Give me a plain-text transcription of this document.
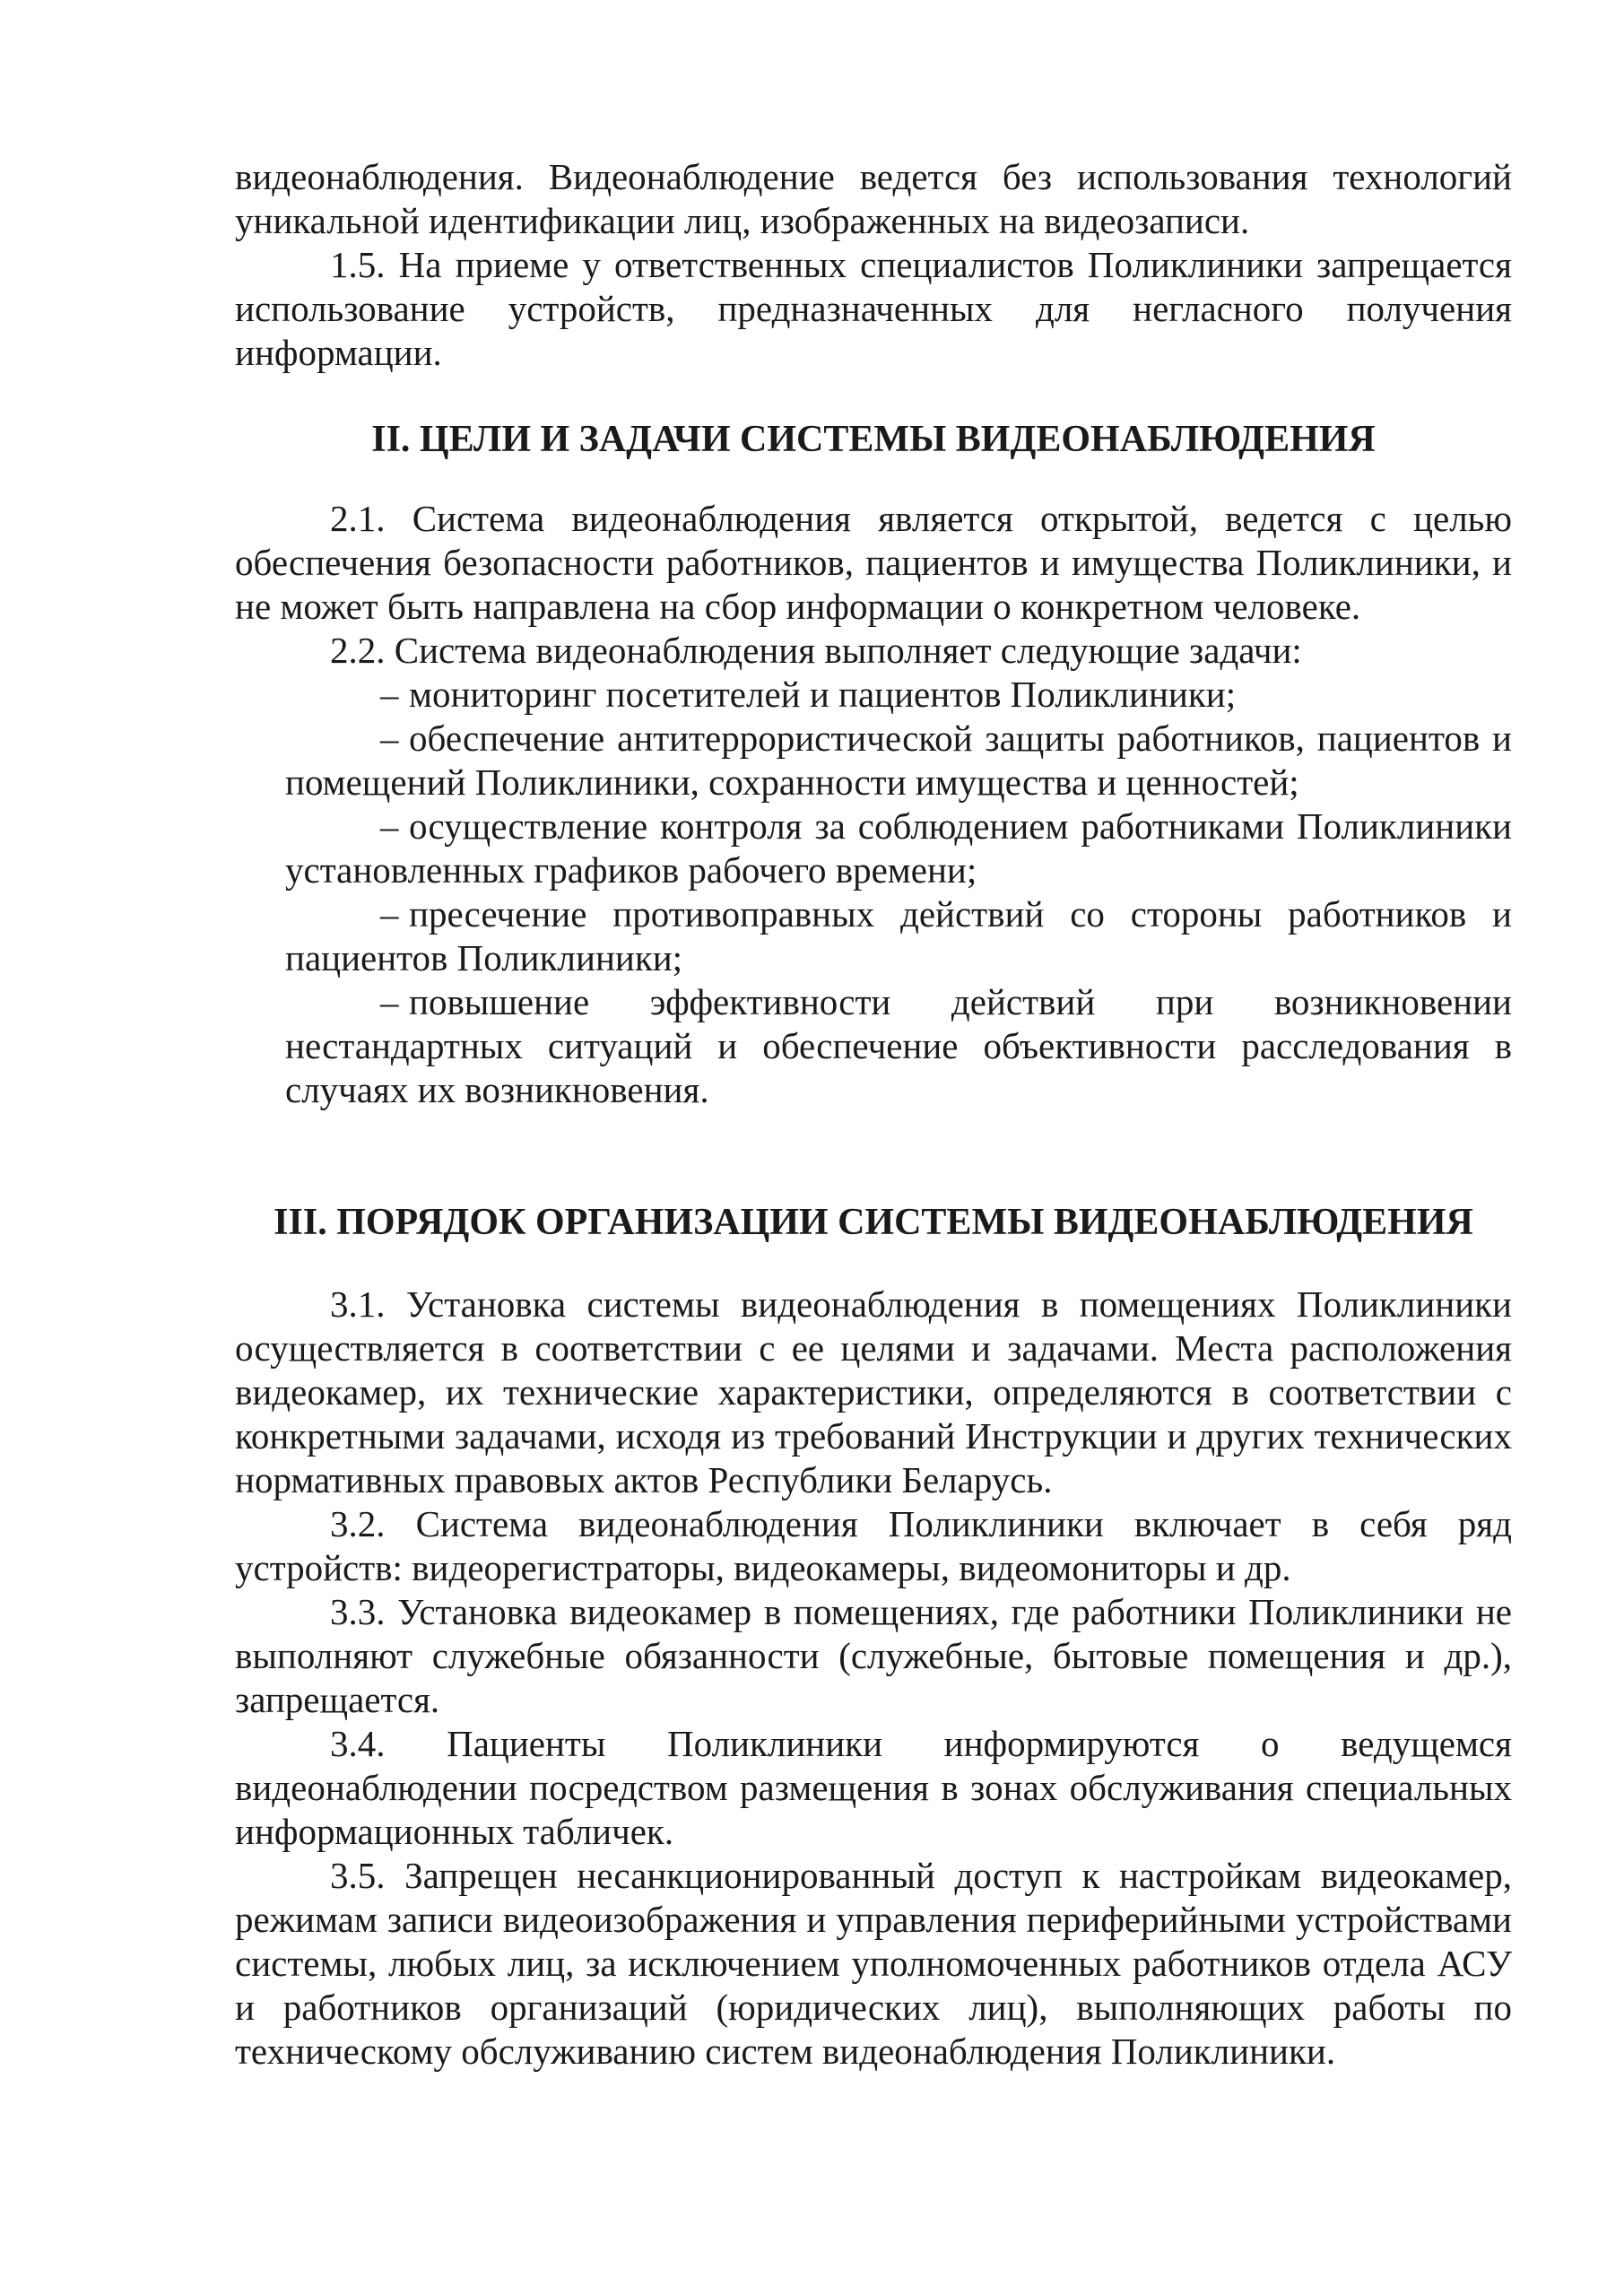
видеонаблюдения. Видеонаблюдение ведется без использования технологий уникальной идентификации лиц, изображенных на видеозаписи.

1.5. На приеме у ответственных специалистов Поликлиники запрещается использование устройств, предназначенных для негласного получения информации.

II. ЦЕЛИ И ЗАДАЧИ СИСТЕМЫ ВИДЕОНАБЛЮДЕНИЯ

2.1. Система видеонаблюдения является открытой, ведется с целью обеспечения безопасности работников, пациентов и имущества Поликлиники, и не может быть направлена на сбор информации о конкретном человеке.

2.2. Система видеонаблюдения выполняет следующие задачи:

– мониторинг посетителей и пациентов Поликлиники;

– обеспечение антитеррористической защиты работников, пациентов и помещений Поликлиники, сохранности имущества и ценностей;

– осуществление контроля за соблюдением работниками Поликлиники установленных графиков рабочего времени;

– пресечение противоправных действий со стороны работников и пациентов Поликлиники;

– повышение эффективности действий при возникновении нестандартных ситуаций и обеспечение объективности расследования в случаях их возникновения.

III. ПОРЯДОК ОРГАНИЗАЦИИ СИСТЕМЫ ВИДЕОНАБЛЮДЕНИЯ

3.1. Установка системы видеонаблюдения в помещениях Поликлиники осуществляется в соответствии с ее целями и задачами. Места расположения видеокамер, их технические характеристики, определяются в соответствии с конкретными задачами, исходя из требований Инструкции и других технических нормативных правовых актов Республики Беларусь.

3.2. Система видеонаблюдения Поликлиники включает в себя ряд устройств: видеорегистраторы, видеокамеры, видеомониторы и др.

3.3. Установка видеокамер в помещениях, где работники Поликлиники не выполняют служебные обязанности (служебные, бытовые помещения и др.), запрещается.

3.4. Пациенты Поликлиники информируются о ведущемся видеонаблюдении посредством размещения в зонах обслуживания специальных информационных табличек.

3.5. Запрещен несанкционированный доступ к настройкам видеокамер, режимам записи видеоизображения и управления периферийными устройствами системы, любых лиц, за исключением уполномоченных работников отдела АСУ и работников организаций (юридических лиц), выполняющих работы по техническому обслуживанию систем видеонаблюдения Поликлиники.
